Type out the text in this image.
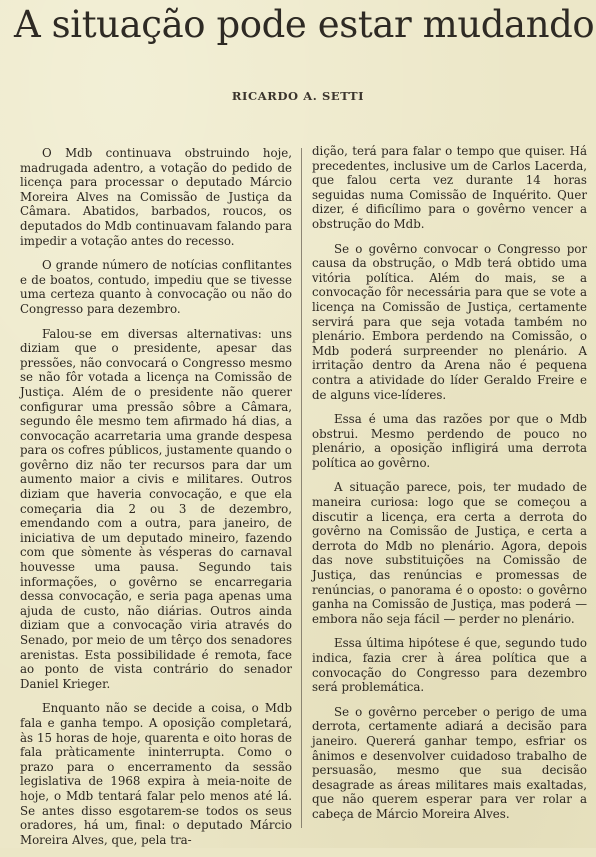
A situação pode estar mudando
RICARDO A. SETTI

O Mdb continuava obstruindo hoje, madrugada adentro, a votação do pedido de licença para processar o deputado Márcio Moreira Alves na Comissão de Justiça da Câmara. Abatidos, barbados, roucos, os deputados do Mdb continuavam falando para impedir a votação antes do recesso.

O grande número de notícias conflitantes e de boatos, contudo, impediu que se tivesse uma certeza quanto à convocação ou não do Congresso para dezembro.

Falou-se em diversas alternativas: uns diziam que o presidente, apesar das pressões, não convocará o Congresso mesmo se não fôr votada a licença na Comissão de Justiça. Além de o presidente não querer configurar uma pressão sôbre a Câmara, segundo êle mesmo tem afirmado há dias, a convocação acarretaria uma grande despesa para os cofres públicos, justamente quando o govêrno diz não ter recursos para dar um aumento maior a civis e militares. Outros diziam que haveria convocação, e que ela começaria dia 2 ou 3 de dezembro, emendando com a outra, para janeiro, de iniciativa de um deputado mineiro, fazendo com que sòmente às vésperas do carnaval houvesse uma pausa. Segundo tais informações, o govêrno se encarregaria dessa convocação, e seria paga apenas uma ajuda de custo, não diárias. Outros ainda diziam que a convocação viria através do Senado, por meio de um têrço dos senadores arenistas. Esta possibilidade é remota, face ao ponto de vista contrário do senador Daniel Krieger.

Enquanto não se decide a coisa, o Mdb fala e ganha tempo. A oposição completará, às 15 horas de hoje, quarenta e oito horas de fala pràticamente ininterrupta. Como o prazo para o encerramento da sessão legislativa de 1968 expira à meia-noite de hoje, o Mdb tentará falar pelo menos até lá. Se antes disso esgotarem-se todos os seus oradores, há um, final: o deputado Márcio Moreira Alves, que, pela tra-

dição, terá para falar o tempo que quiser. Há precedentes, inclusive um de Carlos Lacerda, que falou certa vez durante 14 horas seguidas numa Comissão de Inquérito. Quer dizer, é dificílimo para o govêrno vencer a obstrução do Mdb.

Se o govêrno convocar o Congresso por causa da obstrução, o Mdb terá obtido uma vitória política. Além do mais, se a convocação fôr necessária para que se vote a licença na Comissão de Justiça, certamente servirá para que seja votada também no plenário. Embora perdendo na Comissão, o Mdb poderá surpreender no plenário. A irritação dentro da Arena não é pequena contra a atividade do líder Geraldo Freire e de alguns vice-líderes.

Essa é uma das razões por que o Mdb obstrui. Mesmo perdendo de pouco no plenário, a oposição infligirá uma derrota política ao govêrno.

A situação parece, pois, ter mudado de maneira curiosa: logo que se começou a discutir a licença, era certa a derrota do govêrno na Comissão de Justiça, e certa a derrota do Mdb no plenário. Agora, depois das nove substituições na Comissão de Justiça, das renúncias e promessas de renúncias, o panorama é o oposto: o govêrno ganha na Comissão de Justiça, mas poderá — embora não seja fácil — perder no plenário.

Essa última hipótese é que, segundo tudo indica, fazia crer à área política que a convocação do Congresso para dezembro será problemática.

Se o govêrno perceber o perigo de uma derrota, certamente adiará a decisão para janeiro. Quererá ganhar tempo, esfriar os ânimos e desenvolver cuidadoso trabalho de persuasão, mesmo que sua decisão desagrade as áreas militares mais exaltadas, que não querem esperar para ver rolar a cabeça de Márcio Moreira Alves.
